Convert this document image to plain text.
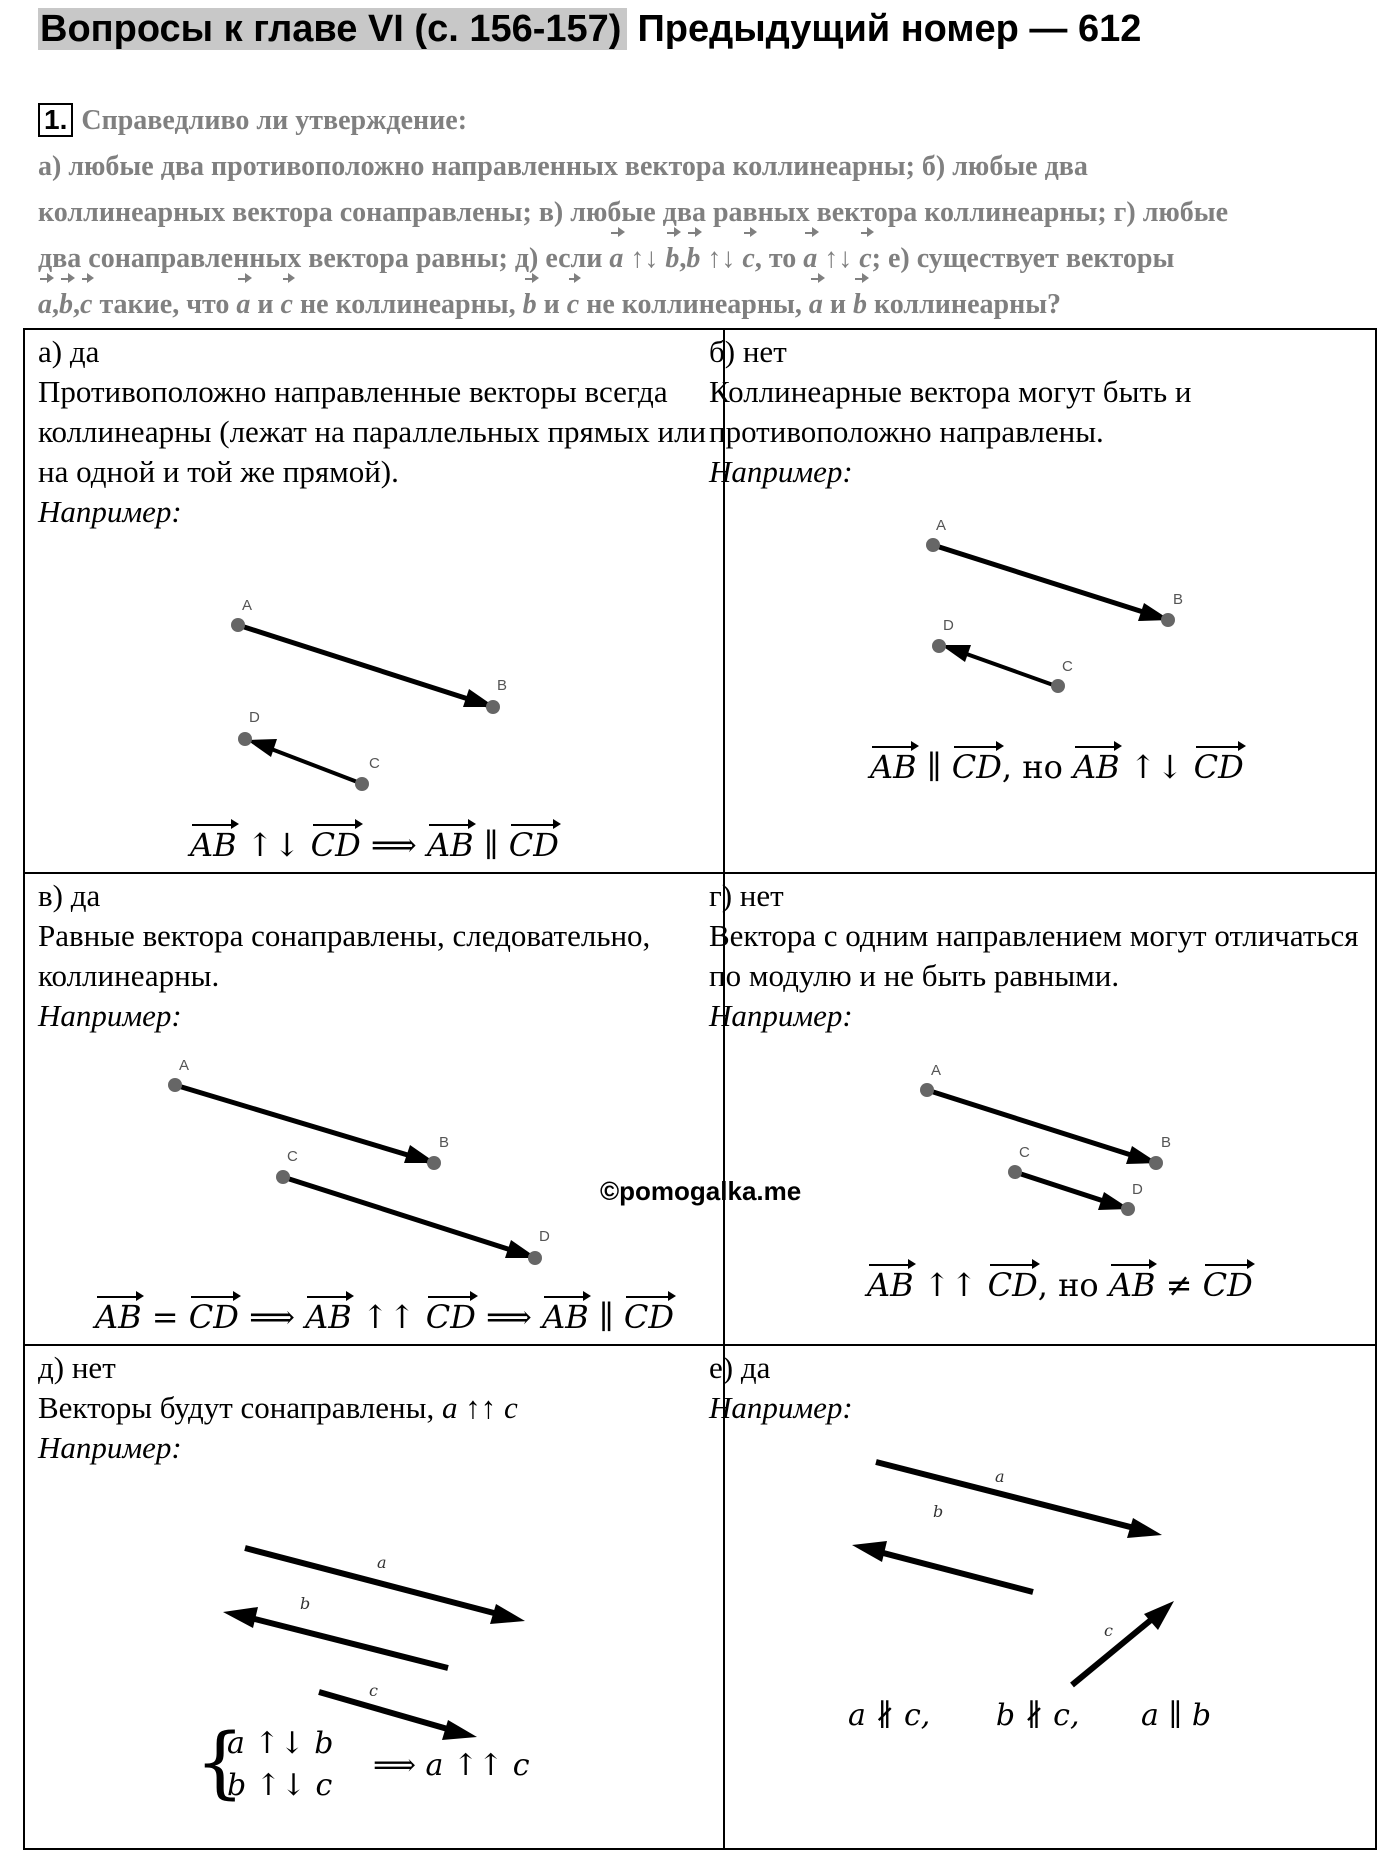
Вопросы к главе VI (с. 156-157) Предыдущий номер — 612
1. Справедливо ли утверждение:
а) любые два противоположно направленных вектора коллинеарны; б) любые два
коллинеарных вектора сонаправлены; в) любые два равных вектора коллинеарны; г) любые
два сонаправленных вектора равны; д) если a ↑↓ b,b ↑↓ c, то a ↑↓ c; е) существует векторы
a,b,c такие, что a и c не коллинеарны, b и c не коллинеарны, a и b коллинеарны?
а) да
Противоположно направленные векторы всегда коллинеарны (лежат на параллельных прямых или на одной и той же прямой).
Например:
A
B
D
C
AB ↑↓ CD ⟹ AB ∥ CD
б) нет
Коллинеарные вектора могут быть и противоположно направлены.
Например:
A
B
D
C
AB ∥ CD, но AB ↑↓ CD
в) да
Равные вектора сонаправлены, следовательно, коллинеарны.
Например:
A
B
C
D
AB = CD ⟹ AB ↑↑ CD ⟹ AB ∥ CD
г) нет
Вектора с одним направлением могут отличаться по модулю и не быть равными.
Например:
A
B
C
D
AB ↑↑ CD, но AB ≠ CD
д) нет
Векторы будут сонаправлены, a ↑↑ c
Например:
a
b
c
{
a ↑↓ b
b ↑↓ c
⟹ a ↑↑ c
е) да
Например:
a
b
c
a ∦ c, b ∦ c, a ∥ b
©pomogalka.me
